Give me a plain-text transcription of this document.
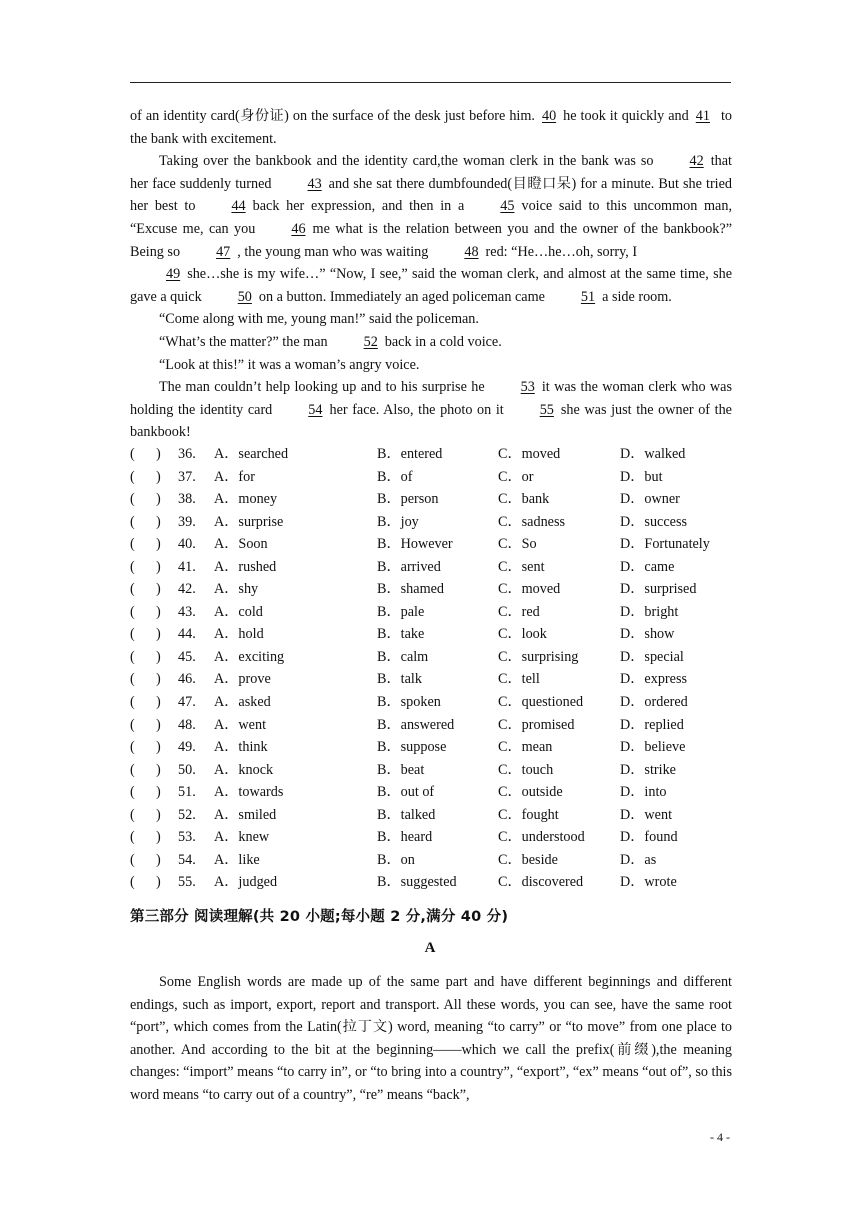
of an identity card(身份证) on the surface of the desk just before him. 40 he took it quickly and 41 to the bank with excitement.

Taking over the bankbook and the identity card,the woman clerk in the bank was so	42 that her face suddenly turned	43 and she sat there dumbfounded(目瞪口呆) for a minute. But she tried her best to	44 back her expression, and then in a	45 voice said to this uncommon man, “Excuse me, can you	46 me what is the relation between you and the owner of the bankbook?” Being so	47 , the young man who was waiting	48 red: “He…he…oh, sorry, I
49 she…she is my wife…” “Now, I see,” said the woman clerk, and almost at the same time, she gave a quick	50 on a button. Immediately an aged policeman came	51 a side room.

“Come along with me, young man!” said the policeman.

“What’s the matter?” the man	52 back in a cold voice.

“Look at this!” it was a woman’s angry voice.

The man couldn’t help looking up and to his surprise he	53 it was the woman clerk who was holding the identity card	54 her face. Also, the photo on it	55 she was just the owner of the bankbook!

(      )	36.	A．searched	B．entered	C．moved	D．walked
(      )	37.	A．for	B．of	C．or	D．but
(      )	38.	A．money	B．person	C．bank	D．owner
(      )	39.	A．surprise	B．joy	C．sadness	D．success
(      )	40.	A．Soon	B．However	C．So	D．Fortunately
(      )	41.	A．rushed	B．arrived	C．sent	D．came
(      )	42.	A．shy	B．shamed	C．moved	D．surprised
(      )	43.	A．cold	B．pale	C．red	D．bright
(      )	44.	A．hold	B．take	C．look	D．show
(      )	45.	A．exciting	B．calm	C．surprising	D．special
(      )	46.	A．prove	B．talk	C．tell	D．express
(      )	47.	A．asked	B．spoken	C．questioned	D．ordered
(      )	48.	A．went	B．answered	C．promised	D．replied
(      )	49.	A．think	B．suppose	C．mean	D．believe
(      )	50.	A．knock	B．beat	C．touch	D．strike
(      )	51.	A．towards	B．out of	C．outside	D．into
(      )	52.	A．smiled	B．talked	C．fought	D．went
(      )	53.	A．knew	B．heard	C．understood	D．found
(      )	54.	A．like	B．on	C．beside	D．as
(      )	55.	A．judged	B．suggested	C．discovered	D．wrote
第三部分 阅读理解(共 20 小题;每小题 2 分,满分 40 分)
A

Some English words are made up of the same part and have different beginnings and different endings, such as import, export, report and transport. All these words, you can see, have the same root “port”, which comes from the Latin(拉丁文) word, meaning “to carry” or “to move” from one place to another. And according to the bit at the beginning——which we call the prefix(前缀),the meaning changes: “import” means “to carry in”, or “to bring into a country”, “export”, “ex” means “out of”, so this word means “to carry out of a country”, “re” means “back”,

- 4 -
